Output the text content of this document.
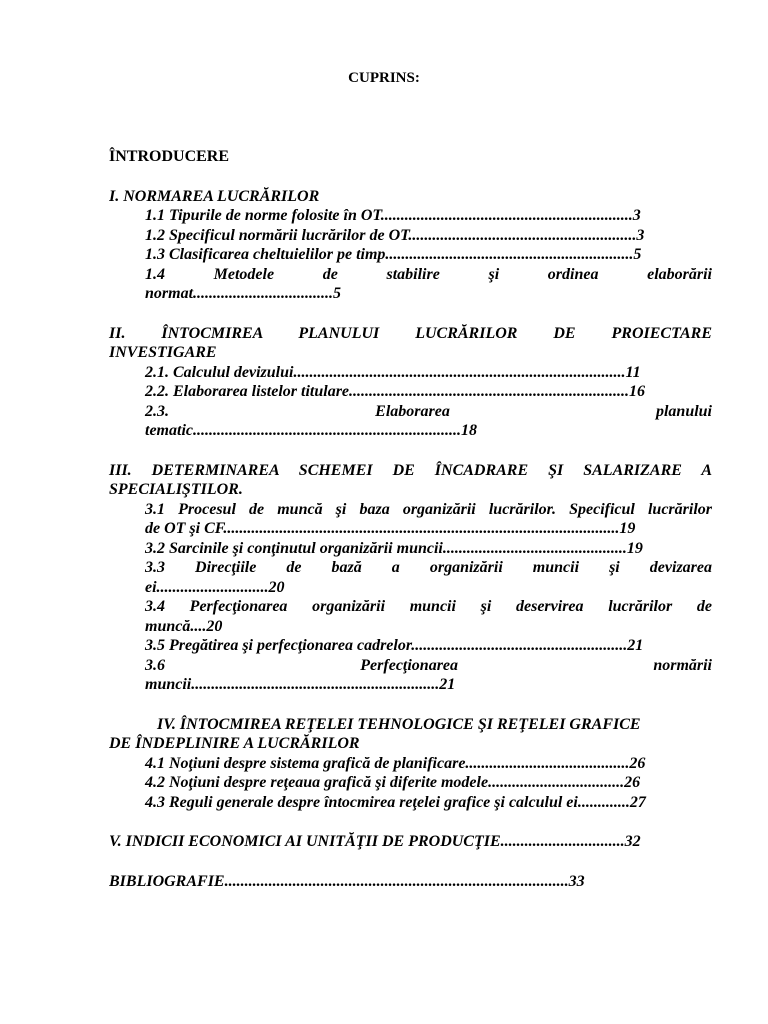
CUPRINS:
ÎNTRODUCERE
I. NORMAREA LUCRĂRILOR
1.1 Tipurile de norme folosite în OT...............................................................3
1.2 Specificul normării lucrărilor de OT.........................................................3
1.3 Clasificarea cheltuielilor pe timp..............................................................5
1.4 Metodele de stabilire şi ordinea elaborării
normat...................................5
II. ÎNTOCMIREA PLANULUI LUCRĂRILOR DE PROIECTARE
INVESTIGARE
2.1. Calculul devizului...................................................................................11
2.2. Elaborarea listelor titulare......................................................................16
2.3. Elaborarea planului
tematic...................................................................18
III. DETERMINAREA SCHEMEI DE ÎNCADRARE ŞI SALARIZARE A
SPECIALIŞTILOR.
3.1 Procesul de muncă şi baza organizării lucrărilor. Specificul lucrărilor
de OT şi CF...................................................................................................19
3.2 Sarcinile şi conţinutul organizării muncii..............................................19
3.3 Direcţiile de bază a organizării muncii şi devizarea
ei............................20
3.4 Perfecţionarea organizării muncii şi deservirea lucrărilor de
muncă....20
3.5 Pregătirea şi perfecţionarea cadrelor......................................................21
3.6 Perfecţionarea normării
muncii..............................................................21
IV. ÎNTOCMIREA REŢELEI TEHNOLOGICE ŞI REŢELEI GRAFICE
DE ÎNDEPLINIRE A LUCRĂRILOR
4.1 Noţiuni despre sistema grafică de planificare.........................................26
4.2 Noţiuni despre reţeaua grafică şi diferite modele..................................26
4.3 Reguli generale despre întocmirea reţelei grafice şi calculul ei.............27
V. INDICII ECONOMICI AI UNITĂŢII DE PRODUCŢIE...............................32
BIBLIOGRAFIE......................................................................................33
